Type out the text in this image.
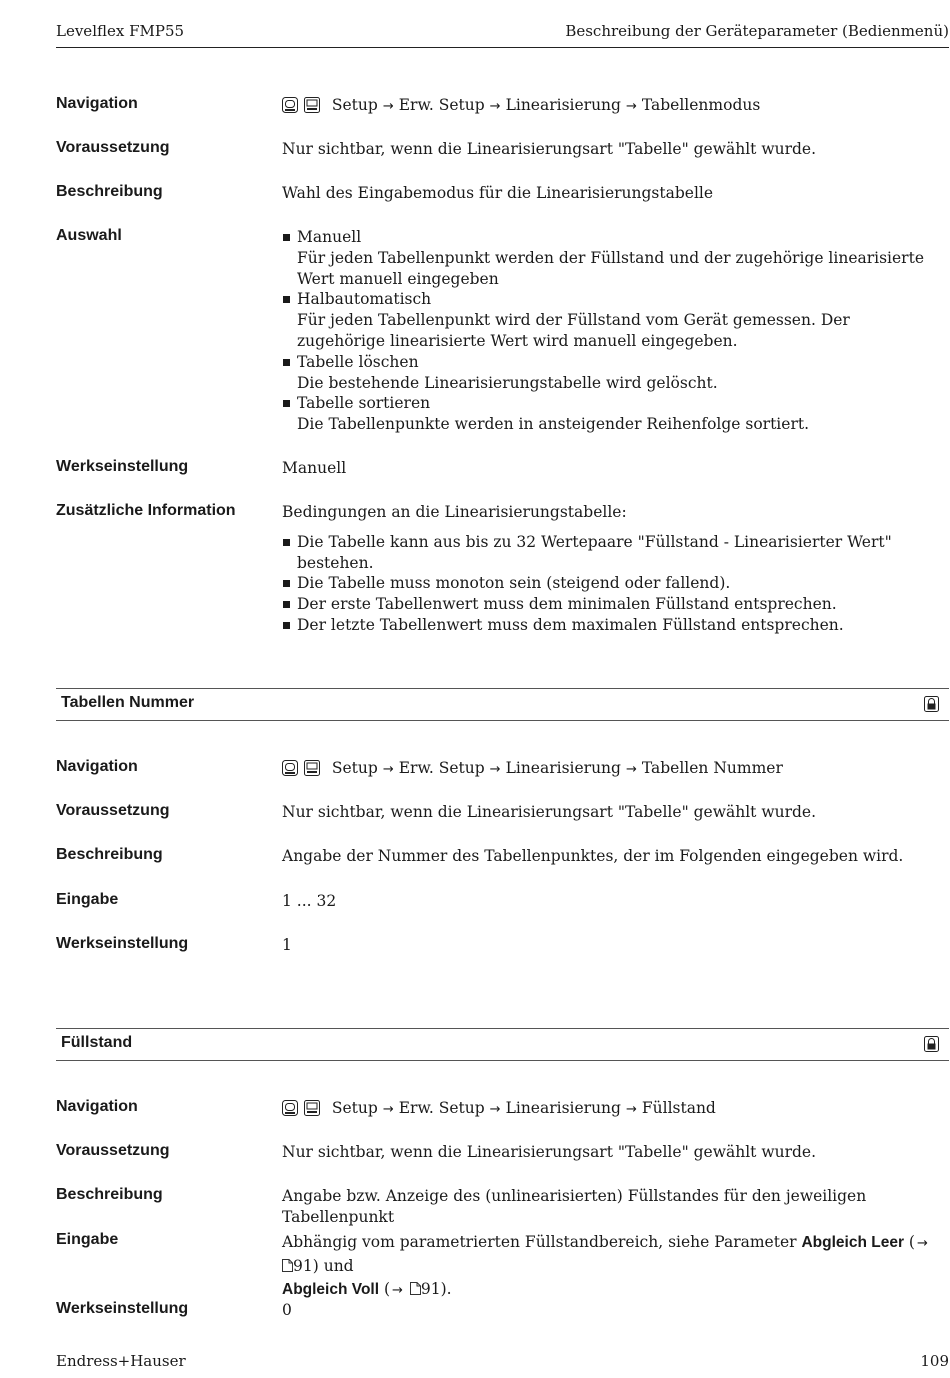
Levelflex FMP55	Beschreibung der Geräteparameter (Bedienmenü)
Navigation	Setup → Erw. Setup → Linearisierung → Tabellenmodus
Voraussetzung	Nur sichtbar, wenn die Linearisierungsart "Tabelle" gewählt wurde.
Beschreibung	Wahl des Eingabemodus für die Linearisierungstabelle
Auswahl	Manuell
Für jeden Tabellenpunkt werden der Füllstand und der zugehörige linearisierte Wert manuell eingegeben
Halbautomatisch
Für jeden Tabellenpunkt wird der Füllstand vom Gerät gemessen. Der zugehörige linearisierte Wert wird manuell eingegeben.
Tabelle löschen
Die bestehende Linearisierungstabelle wird gelöscht.
Tabelle sortieren
Die Tabellenpunkte werden in ansteigender Reihenfolge sortiert.
Werkseinstellung	Manuell
Zusätzliche Information	Bedingungen an die Linearisierungstabelle:
Die Tabelle kann aus bis zu 32 Wertepaare "Füllstand - Linearisierter Wert" bestehen.
Die Tabelle muss monoton sein (steigend oder fallend).
Der erste Tabellenwert muss dem minimalen Füllstand entsprechen.
Der letzte Tabellenwert muss dem maximalen Füllstand entsprechen.
Tabellen Nummer
Navigation	Setup → Erw. Setup → Linearisierung → Tabellen Nummer
Voraussetzung	Nur sichtbar, wenn die Linearisierungsart "Tabelle" gewählt wurde.
Beschreibung	Angabe der Nummer des Tabellenpunktes, der im Folgenden eingegeben wird.
Eingabe	1 ... 32
Werkseinstellung	1
Füllstand
Navigation	Setup → Erw. Setup → Linearisierung → Füllstand
Voraussetzung	Nur sichtbar, wenn die Linearisierungsart "Tabelle" gewählt wurde.
Beschreibung	Angabe bzw. Anzeige des (unlinearisierten) Füllstandes für den jeweiligen Tabellenpunkt
Eingabe	Abhängig vom parametrierten Füllstandbereich, siehe Parameter Abgleich Leer ( → 91) und
Abgleich Voll ( → 91).
Werkseinstellung	0
Endress+Hauser	109
